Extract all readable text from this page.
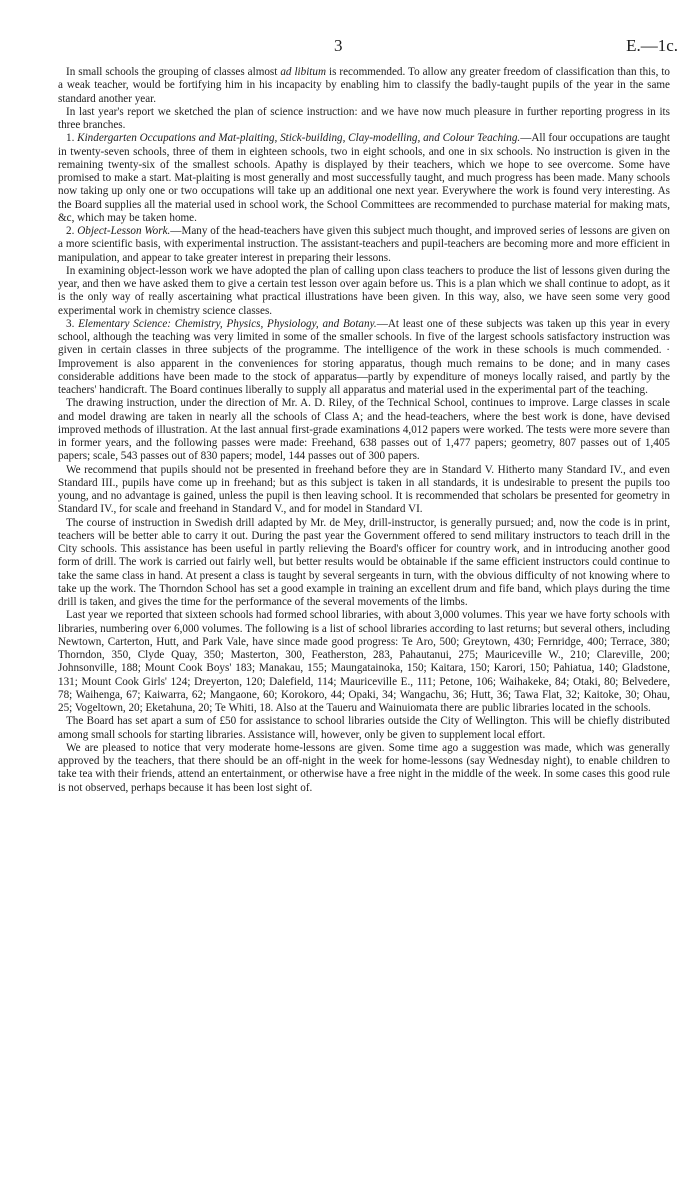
3	E.—1c.

In small schools the grouping of classes almost ad libitum is recommended. To allow any greater freedom of classification than this, to a weak teacher, would be fortifying him in his incapacity by enabling him to classify the badly-taught pupils of the year in the same standard another year.

In last year's report we sketched the plan of science instruction: and we have now much pleasure in further reporting progress in its three branches.

1. Kindergarten Occupations and Mat-plaiting, Stick-building, Clay-modelling, and Colour Teaching.—All four occupations are taught in twenty-seven schools, three of them in eighteen schools, two in eight schools, and one in six schools. No instruction is given in the remaining twenty-six of the smallest schools. Apathy is displayed by their teachers, which we hope to see overcome. Some have promised to make a start. Mat-plaiting is most generally and most successfully taught, and much progress has been made. Many schools now taking up only one or two occupations will take up an additional one next year. Everywhere the work is found very interesting. As the Board supplies all the material used in school work, the School Committees are recommended to purchase material for making mats, &c, which may be taken home.

2. Object-Lesson Work.—Many of the head-teachers have given this subject much thought, and improved series of lessons are given on a more scientific basis, with experimental instruction. The assistant-teachers and pupil-teachers are becoming more and more efficient in manipulation, and appear to take greater interest in preparing their lessons.

In examining object-lesson work we have adopted the plan of calling upon class teachers to produce the list of lessons given during the year, and then we have asked them to give a certain test lesson over again before us. This is a plan which we shall continue to adopt, as it is the only way of really ascertaining what practical illustrations have been given. In this way, also, we have seen some very good experimental work in chemistry science classes.

3. Elementary Science: Chemistry, Physics, Physiology, and Botany.—At least one of these subjects was taken up this year in every school, although the teaching was very limited in some of the smaller schools. In five of the largest schools satisfactory instruction was given in certain classes in three subjects of the programme. The intelligence of the work in these schools is much commended. · Improvement is also apparent in the conveniences for storing apparatus, though much remains to be done; and in many cases considerable additions have been made to the stock of apparatus—partly by expenditure of moneys locally raised, and partly by the teachers' handicraft. The Board continues liberally to supply all apparatus and material used in the experimental part of the teaching.

The drawing instruction, under the direction of Mr. A. D. Riley, of the Technical School, continues to improve. Large classes in scale and model drawing are taken in nearly all the schools of Class A; and the head-teachers, where the best work is done, have devised improved methods of illustration. At the last annual first-grade examinations 4,012 papers were worked. The tests were more severe than in former years, and the following passes were made: Freehand, 638 passes out of 1,477 papers; geometry, 807 passes out of 1,405 papers; scale, 543 passes out of 830 papers; model, 144 passes out of 300 papers.

We recommend that pupils should not be presented in freehand before they are in Standard V. Hitherto many Standard IV., and even Standard III., pupils have come up in freehand; but as this subject is taken in all standards, it is undesirable to present the pupils too young, and no advantage is gained, unless the pupil is then leaving school. It is recommended that scholars be presented for geometry in Standard IV., for scale and freehand in Standard V., and for model in Standard VI.

The course of instruction in Swedish drill adapted by Mr. de Mey, drill-instructor, is generally pursued; and, now the code is in print, teachers will be better able to carry it out. During the past year the Government offered to send military instructors to teach drill in the City schools. This assistance has been useful in partly relieving the Board's officer for country work, and in introducing another good form of drill. The work is carried out fairly well, but better results would be obtainable if the same efficient instructors could continue to take the same class in hand. At present a class is taught by several sergeants in turn, with the obvious difficulty of not knowing where to take up the work. The Thorndon School has set a good example in training an excellent drum and fife band, which plays during the time drill is taken, and gives the time for the performance of the several movements of the limbs.

Last year we reported that sixteen schools had formed school libraries, with about 3,000 volumes. This year we have forty schools with libraries, numbering over 6,000 volumes. The following is a list of school libraries according to last returns; but several others, including Newtown, Carterton, Hutt, and Park Vale, have since made good progress: Te Aro, 500; Greytown, 430; Fernridge, 400; Terrace, 380; Thorndon, 350, Clyde Quay, 350; Masterton, 300, Featherston, 283, Pahautanui, 275; Mauriceville W., 210; Clareville, 200; Johnsonville, 188; Mount Cook Boys' 183; Manakau, 155; Maungatainoka, 150; Kaitara, 150; Karori, 150; Pahiatua, 140; Gladstone, 131; Mount Cook Girls' 124; Dreyerton, 120; Dalefield, 114; Mauriceville E., 111; Petone, 106; Waihakeke, 84; Otaki, 80; Belvedere, 78; Waihenga, 67; Kaiwarra, 62; Mangaone, 60; Korokoro, 44; Opaki, 34; Wangachu, 36; Hutt, 36; Tawa Flat, 32; Kaitoke, 30; Ohau, 25; Vogeltown, 20; Eketahuna, 20; Te Whiti, 18. Also at the Taueru and Wainuiomata there are public libraries located in the schools.

The Board has set apart a sum of £50 for assistance to school libraries outside the City of Wellington. This will be chiefly distributed among small schools for starting libraries. Assistance will, however, only be given to supplement local effort.

We are pleased to notice that very moderate home-lessons are given. Some time ago a suggestion was made, which was generally approved by the teachers, that there should be an off-night in the week for home-lessons (say Wednesday night), to enable children to take tea with their friends, attend an entertainment, or otherwise have a free night in the middle of the week. In some cases this good rule is not observed, perhaps because it has been lost sight of.
